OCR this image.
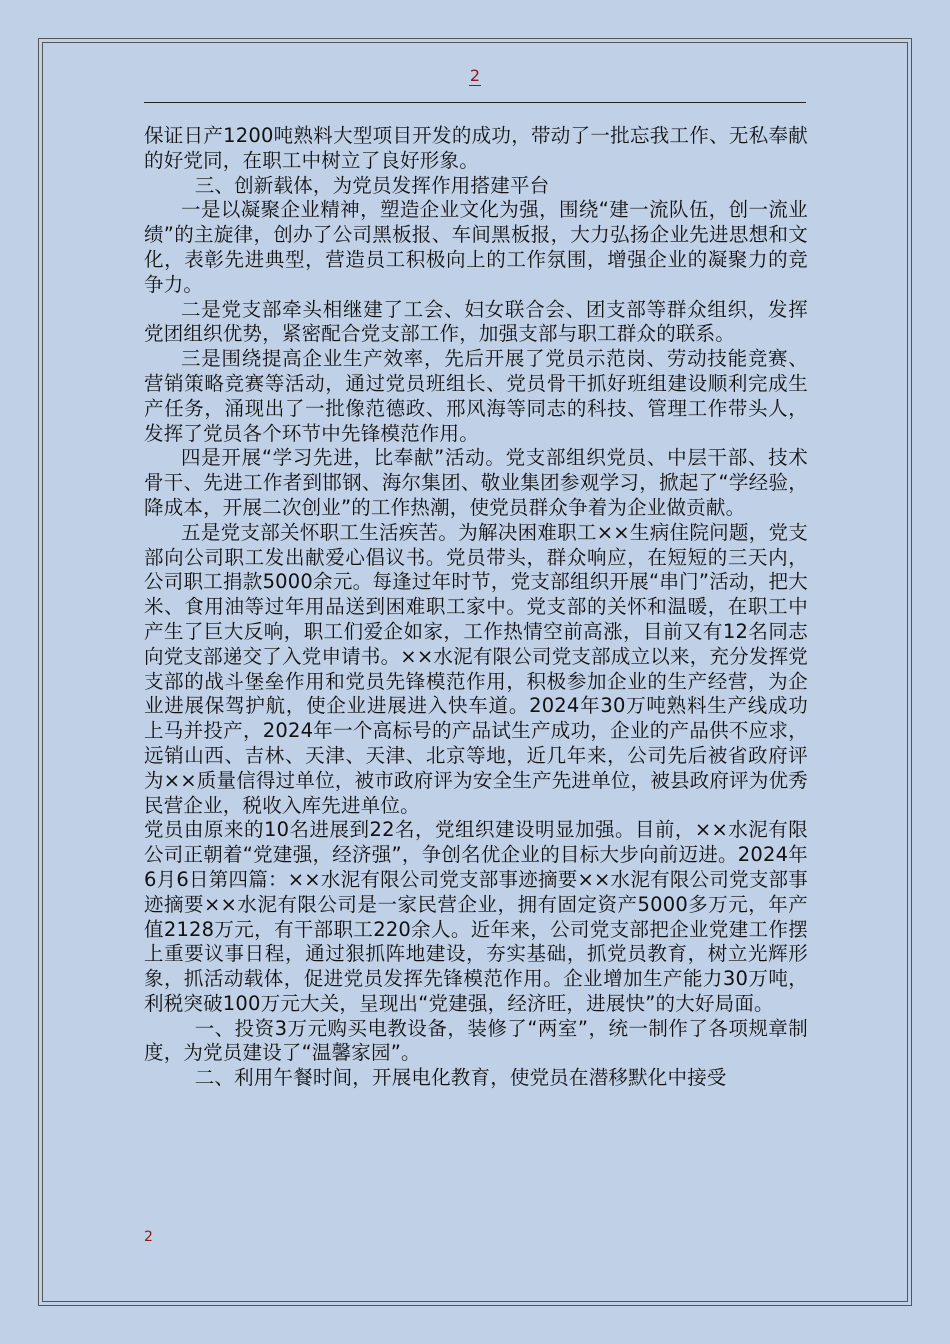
2

保证日产1200吨熟料大型项目开发的成功，带动了一批忘我工作、无私奉献的好党同，在职工中树立了良好形象。

三、创新载体，为党员发挥作用搭建平台

一是以凝聚企业精神，塑造企业文化为强，围绕“建一流队伍，创一流业绩”的主旋律，创办了公司黑板报、车间黑板报，大力弘扬企业先进思想和文化，表彰先进典型，营造员工积极向上的工作氛围，增强企业的凝聚力的竞争力。

二是党支部牵头相继建了工会、妇女联合会、团支部等群众组织，发挥党团组织优势，紧密配合党支部工作，加强支部与职工群众的联系。

三是围绕提高企业生产效率，先后开展了党员示范岗、劳动技能竞赛、营销策略竞赛等活动，通过党员班组长、党员骨干抓好班组建设顺利完成生产任务，涌现出了一批像范德政、邢风海等同志的科技、管理工作带头人，发挥了党员各个环节中先锋模范作用。

四是开展“学习先进，比奉献”活动。党支部组织党员、中层干部、技术骨干、先进工作者到邯钢、海尔集团、敬业集团参观学习，掀起了“学经验，降成本，开展二次创业”的工作热潮，使党员群众争着为企业做贡献。

五是党支部关怀职工生活疾苦。为解决困难职工××生病住院问题，党支部向公司职工发出献爱心倡议书。党员带头，群众响应，在短短的三天内，公司职工捐款5000余元。每逢过年时节，党支部组织开展“串门”活动，把大米、食用油等过年用品送到困难职工家中。党支部的关怀和温暖，在职工中产生了巨大反响，职工们爱企如家，工作热情空前高涨，目前又有12名同志向党支部递交了入党申请书。××水泥有限公司党支部成立以来，充分发挥党支部的战斗堡垒作用和党员先锋模范作用，积极参加企业的生产经营，为企业进展保驾护航，使企业进展进入快车道。2024年30万吨熟料生产线成功上马并投产，2024年一个高标号的产品试生产成功，企业的产品供不应求，远销山西、吉林、天津、天津、北京等地，近几年来，公司先后被省政府评为××质量信得过单位，被市政府评为安全生产先进单位，被县政府评为优秀民营企业，税收入库先进单位。

党员由原来的10名进展到22名，党组织建设明显加强。目前，××水泥有限公司正朝着“党建强，经济强”，争创名优企业的目标大步向前迈进。2024年6月6日第四篇：××水泥有限公司党支部事迹摘要××水泥有限公司党支部事迹摘要××水泥有限公司是一家民营企业，拥有固定资产5000多万元，年产值2128万元，有干部职工220余人。近年来，公司党支部把企业党建工作摆上重要议事日程，通过狠抓阵地建设，夯实基础，抓党员教育，树立光辉形象，抓活动载体，促进党员发挥先锋模范作用。企业增加生产能力30万吨，利税突破100万元大关，呈现出“党建强，经济旺，进展快”的大好局面。

一、投资3万元购买电教设备，装修了“两室”，统一制作了各项规章制度，为党员建设了“温馨家园”。

二、利用午餐时间，开展电化教育，使党员在潜移默化中接受

2
